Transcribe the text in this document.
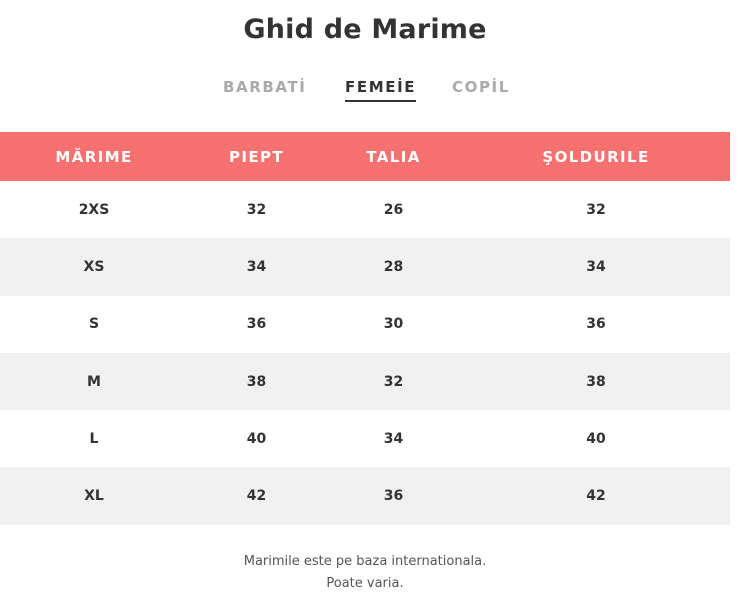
Ghid de Marime
BARBATİ	FEMEİE COPİL
MĂRIME	PIEPT	TALIA	ŞOLDURILE
2XS	32	26	32
XS	34	28	34
S	36	30	36
M	38	32	38
L	40	34	40
XL	42	36	42
Marimile este pe baza internationala.
Poate varia.
